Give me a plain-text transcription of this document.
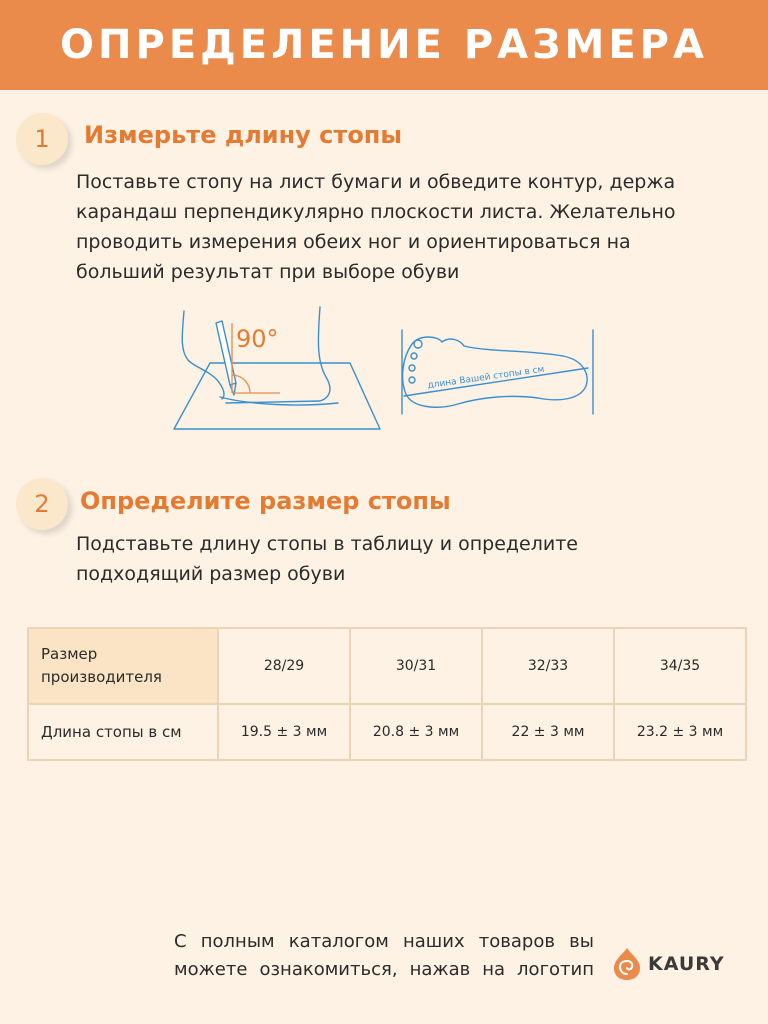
ОПРЕДЕЛЕНИЕ РАЗМЕРА
1 Измерьте длину стопы
Поставьте стопу на лист бумаги и обведите контур, держа
карандаш перпендикулярно плоскости листа. Желательно
проводить измерения обеих ног и ориентироваться на
больший результат при выборе обуви
90°
длина Вашей стопы в см
2 Определите размер стопы
Подставьте длину стопы в таблицу и определите
подходящий размер обуви
Размер
производителя	28/29	30/31	32/33	34/35
Длина стопы в см	19.5 ± 3 мм	20.8 ± 3 мм	22 ± 3 мм	23.2 ± 3 мм
С полным каталогом наших товаров вы
можете ознакомиться, нажав на логотип	KAURY
